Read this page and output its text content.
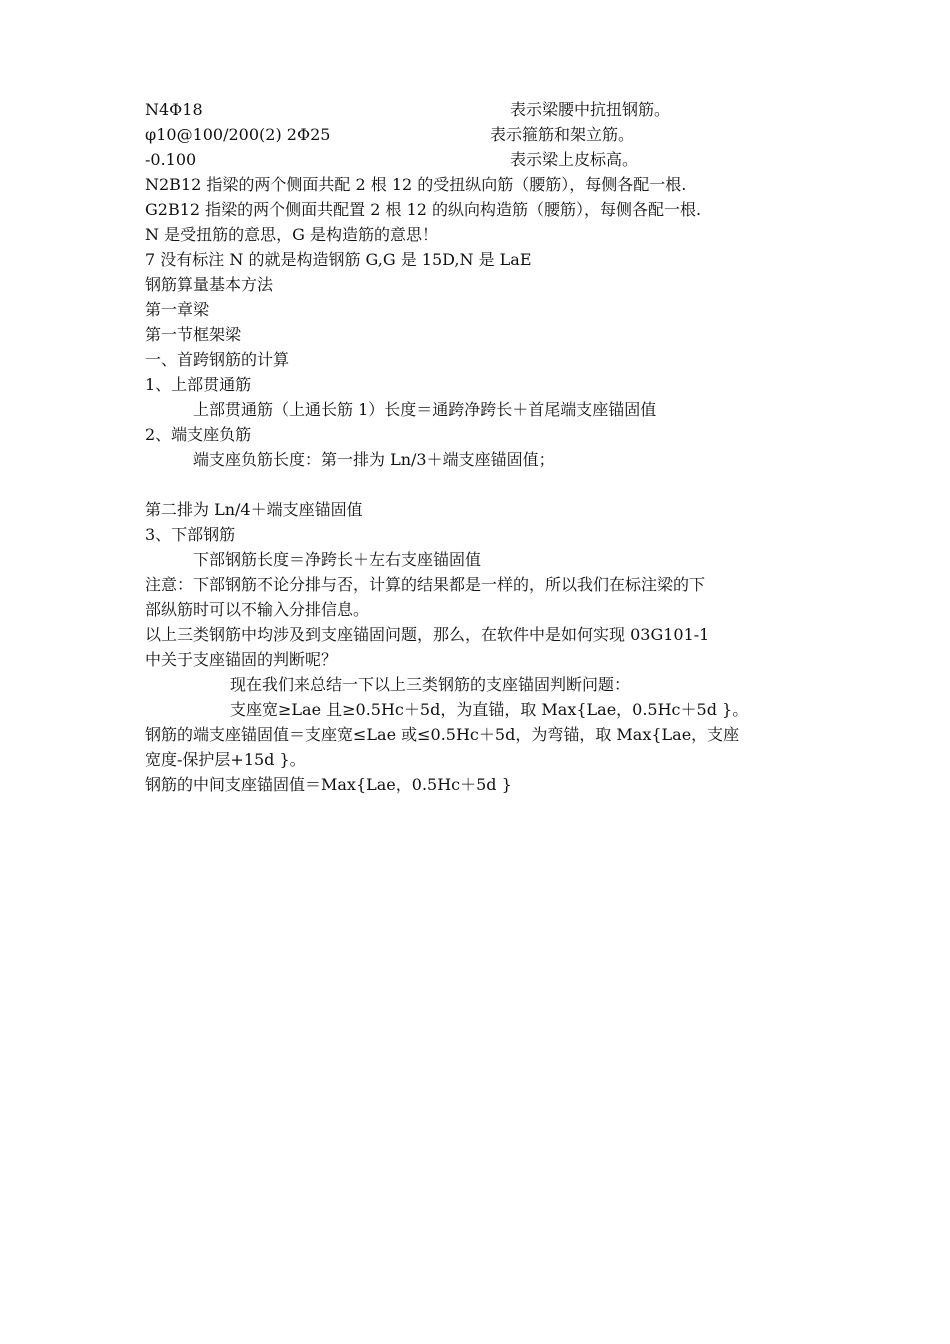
N4Φ18	表示梁腰中抗扭钢筋。
φ10@100/200(2) 2Φ25	表示箍筋和架立筋。
-0.100	表示梁上皮标高。
N2B12 指梁的两个侧面共配 2 根 12 的受扭纵向筋（腰筋），每侧各配一根.
G2B12 指梁的两个侧面共配置 2 根 12 的纵向构造筋（腰筋），每侧各配一根.
N 是受扭筋的意思，G 是构造筋的意思！
7 没有标注 N 的就是构造钢筋 G,G 是 15D,N 是 LaE
钢筋算量基本方法
第一章梁
第一节框架梁
一、首跨钢筋的计算
1、上部贯通筋
上部贯通筋（上通长筋 1）长度＝通跨净跨长＋首尾端支座锚固值
2、端支座负筋
端支座负筋长度：第一排为 Ln/3＋端支座锚固值；
第二排为 Ln/4＋端支座锚固值
3、下部钢筋
下部钢筋长度＝净跨长＋左右支座锚固值
注意：下部钢筋不论分排与否，计算的结果都是一样的，所以我们在标注梁的下
部纵筋时可以不输入分排信息。
以上三类钢筋中均涉及到支座锚固问题，那么，在软件中是如何实现 03G101-1
中关于支座锚固的判断呢？
现在我们来总结一下以上三类钢筋的支座锚固判断问题：
支座宽≥Lae 且≥0.5Hc＋5d，为直锚，取 Max{Lae，0.5Hc＋5d }。
钢筋的端支座锚固值＝支座宽≤Lae 或≤0.5Hc＋5d，为弯锚，取 Max{Lae，支座
宽度-保护层+15d }。
钢筋的中间支座锚固值＝Max{Lae，0.5Hc＋5d }
